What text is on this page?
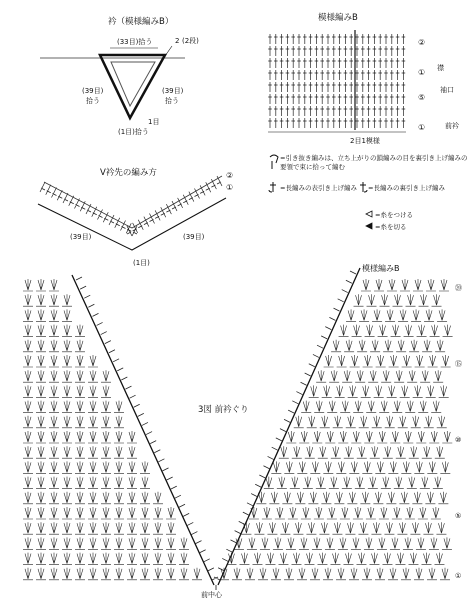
衿（模様編みB）
(33目)拾う	2 (2段)
(39目)
拾う
(39目)
拾う
1目
(1目)拾う
模様編みB
2目1模様
②
①
⑤
①
襟
袖口
前衿
=引き抜き編みは、立ち上がりの鎖編みの目を裏引き上げ編みの要領で束に拾って編む
=長編みの表引き上げ編み =長編みの裏引き上げ編み
=糸をつける
=糸を切る
V衿先の編み方	②
①
(39目)	(39目)
(1目)
模様編みB
3図 前衿ぐり
前中心
⑳
⑮
⑩
⑤
①
